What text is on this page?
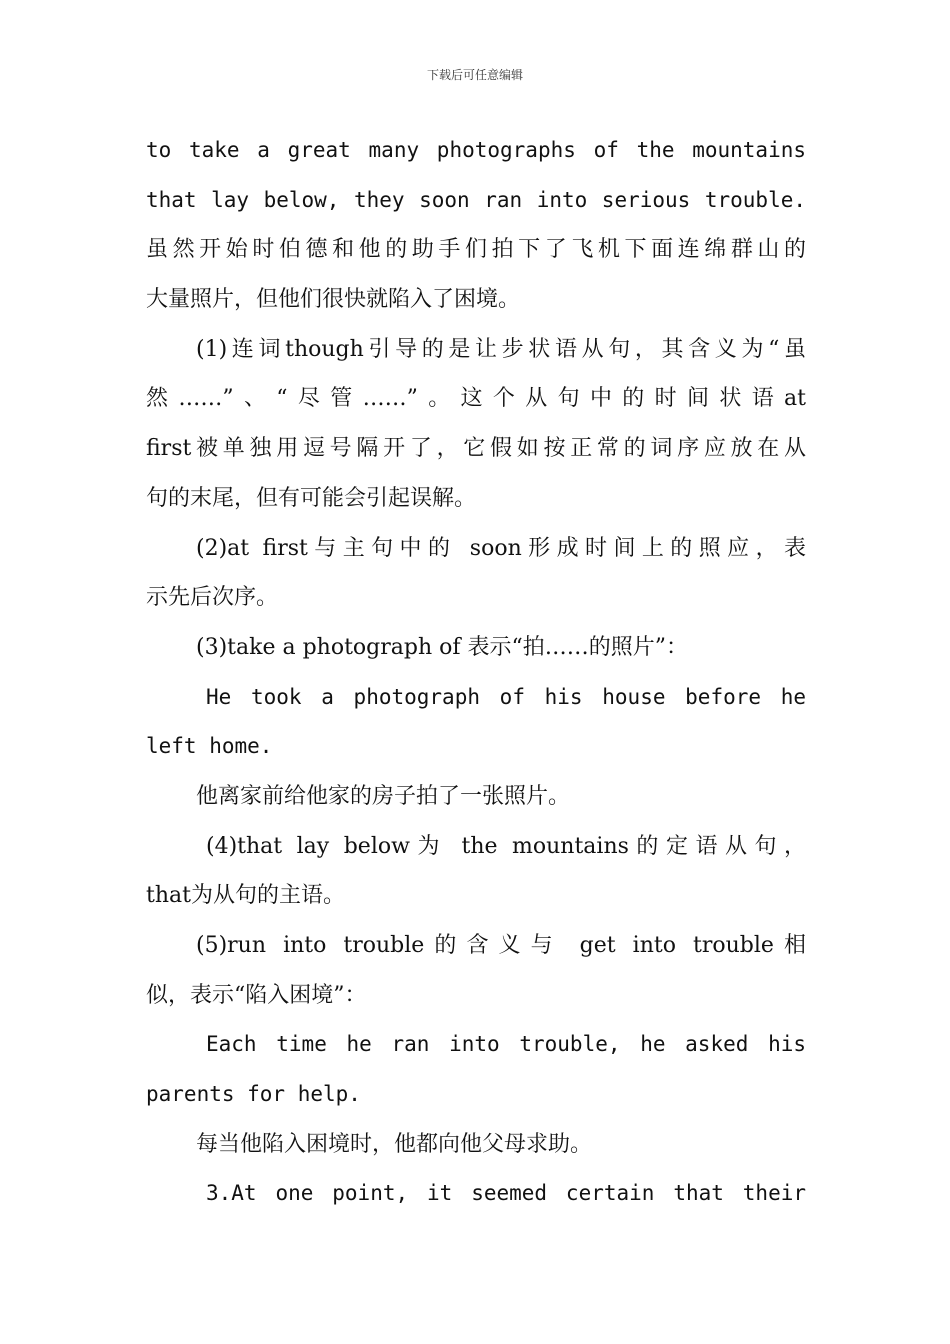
下载后可任意编辑
to take a great many photographs of the mountains
that lay below, they soon ran into serious trouble.
虽然开始时伯德和他的助手们拍下了飞机下面连绵群山的
大量照片，但他们很快就陷入了困境。
(1)连词though引导的是让步状语从句，其含义为“虽
然……”、“尽管……”。这个从句中的时间状语at
first被单独用逗号隔开了，它假如按正常的词序应放在从
句的末尾，但有可能会引起误解。
(2)at first与主句中的 soon形成时间上的照应，表
示先后次序。
(3)take a photograph of 表示“拍……的照片”：
He took a photograph of his house before he
left home.
他离家前给他家的房子拍了一张照片。
(4)that lay below为 the mountains的定语从句，
that为从句的主语。
(5)run into trouble的含义与 get into trouble相
似，表示“陷入困境”：
Each time he ran into trouble, he asked his
parents for help.
每当他陷入困境时，他都向他父母求助。
3.At one point, it seemed certain that their
